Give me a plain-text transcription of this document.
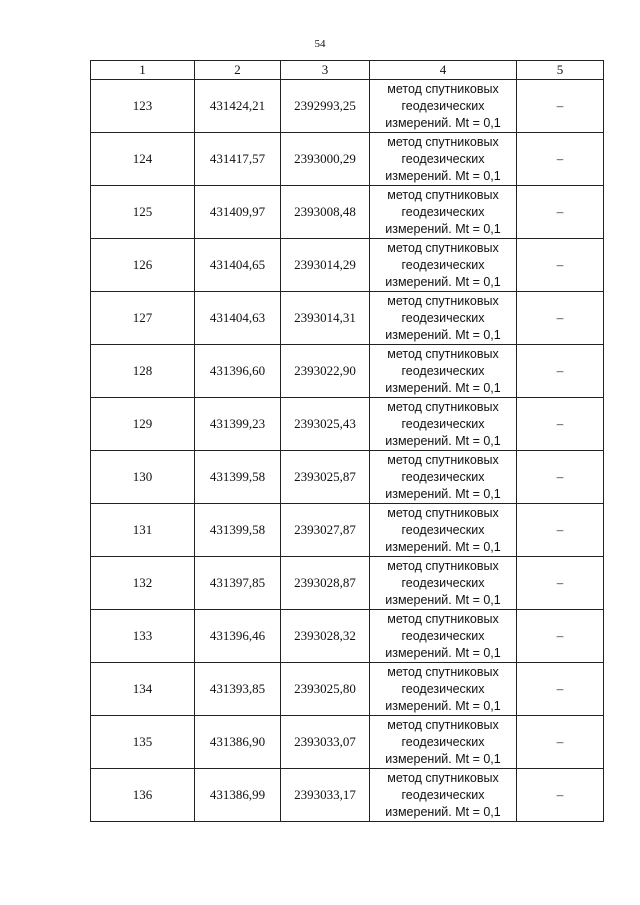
54
1	2	3	4	5
123	431424,21	2392993,25	метод спутниковых
геодезических
измерений. Mt = 0,1	–
124	431417,57	2393000,29	метод спутниковых
геодезических
измерений. Mt = 0,1	–
125	431409,97	2393008,48	метод спутниковых
геодезических
измерений. Mt = 0,1	–
126	431404,65	2393014,29	метод спутниковых
геодезических
измерений. Mt = 0,1	–
127	431404,63	2393014,31	метод спутниковых
геодезических
измерений. Mt = 0,1	–
128	431396,60	2393022,90	метод спутниковых
геодезических
измерений. Mt = 0,1	–
129	431399,23	2393025,43	метод спутниковых
геодезических
измерений. Mt = 0,1	–
130	431399,58	2393025,87	метод спутниковых
геодезических
измерений. Mt = 0,1	–
131	431399,58	2393027,87	метод спутниковых
геодезических
измерений. Mt = 0,1	–
132	431397,85	2393028,87	метод спутниковых
геодезических
измерений. Mt = 0,1	–
133	431396,46	2393028,32	метод спутниковых
геодезических
измерений. Mt = 0,1	–
134	431393,85	2393025,80	метод спутниковых
геодезических
измерений. Mt = 0,1	–
135	431386,90	2393033,07	метод спутниковых
геодезических
измерений. Mt = 0,1	–
136	431386,99	2393033,17	метод спутниковых
геодезических
измерений. Mt = 0,1	–
